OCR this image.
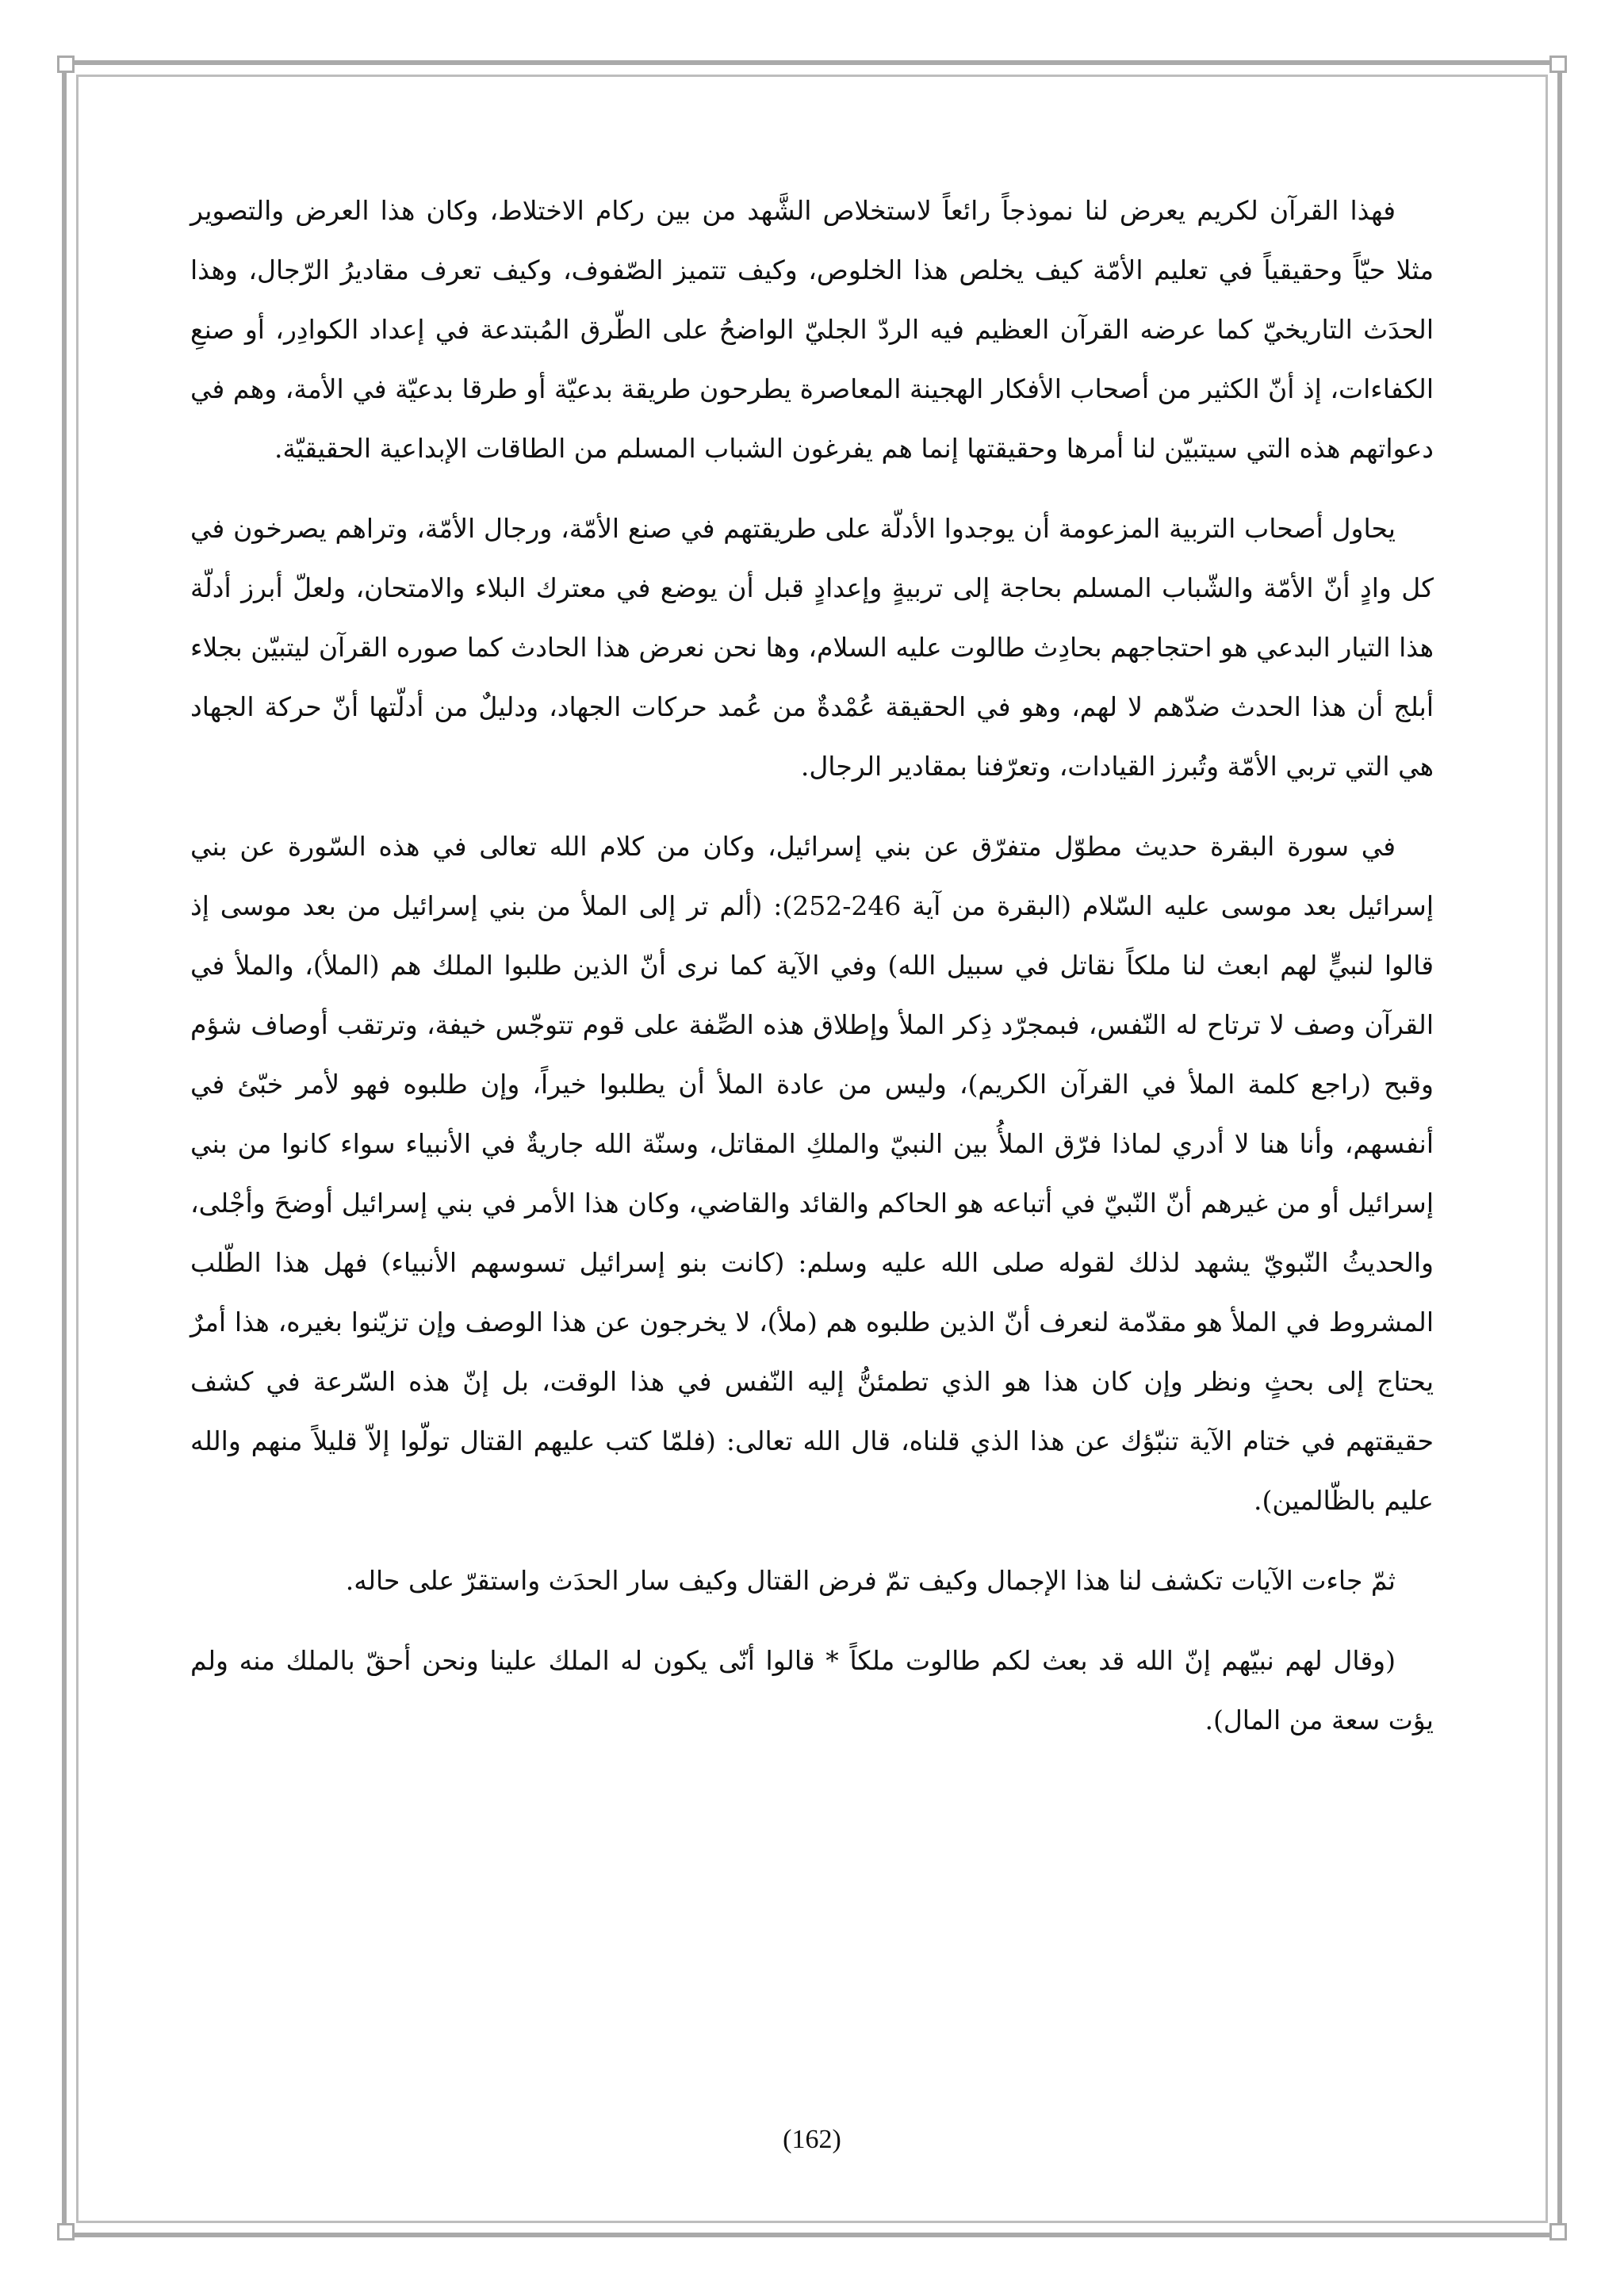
فهذا القرآن لكريم يعرض لنا نموذجاً رائعاً لاستخلاص الشَّهد من بين ركام الاختلاط، وكان هذا العرض والتصوير مثلا حيّاً وحقيقياً في تعليم الأمّة كيف يخلص هذا الخلوص، وكيف تتميز الصّفوف، وكيف تعرف مقاديرُ الرّجال، وهذا الحدَث التاريخيّ كما عرضه القرآن العظيم فيه الردّ الجليّ الواضحُ على الطّرق المُبتدعة في إعداد الكوادِر، أو صنعِ الكفاءات، إذ أنّ الكثير من أصحاب الأفكار الهجينة المعاصرة يطرحون طريقة بدعيّة أو طرقا بدعيّة في الأمة، وهم في دعواتهم هذه التي سيتبيّن لنا أمرها وحقيقتها إنما هم يفرغون الشباب المسلم من الطاقات الإبداعية الحقيقيّة.

يحاول أصحاب التربية المزعومة أن يوجدوا الأدلّة على طريقتهم في صنع الأمّة، ورجال الأمّة، وتراهم يصرخون في كل وادٍ أنّ الأمّة والشّباب المسلم بحاجة إلى تربيةٍ وإعدادٍ قبل أن يوضع في معترك البلاء والامتحان، ولعلّ أبرز أدلّة هذا التيار البدعي هو احتجاجهم بحادِث طالوت عليه السلام، وها نحن نعرض هذا الحادث كما صوره القرآن ليتبيّن بجلاء أبلج أن هذا الحدث ضدّهم لا لهم، وهو في الحقيقة عُمْدةٌ من عُمد حركات الجهاد، ودليلٌ من أدلّتها أنّ حركة الجهاد هي التي تربي الأمّة وتُبرز القيادات، وتعرّفنا بمقادير الرجال.

في سورة البقرة حديث مطوّل متفرّق عن بني إسرائيل، وكان من كلام الله تعالى في هذه السّورة عن بني إسرائيل بعد موسى عليه السّلام (البقرة من آية 246-252): (ألم تر إلى الملأ من بني إسرائيل من بعد موسى إذ قالوا لنبيٍّ لهم ابعث لنا ملكاً نقاتل في سبيل الله) وفي الآية كما نرى أنّ الذين طلبوا الملك هم (الملأ)، والملأ في القرآن وصف لا ترتاح له النّفس، فبمجرّد ذِكر الملأ وإطلاق هذه الصِّفة على قوم تتوجّس خيفة، وترتقب أوصاف شؤم وقبح (راجع كلمة الملأ في القرآن الكريم)، وليس من عادة الملأ أن يطلبوا خيراً، وإن طلبوه فهو لأمر خبّئ في أنفسهم، وأنا هنا لا أدري لماذا فرّق الملأُ بين النبيّ والملكِ المقاتل، وسنّة الله جاريةٌ في الأنبياء سواء كانوا من بني إسرائيل أو من غيرهم أنّ النّبيّ في أتباعه هو الحاكم والقائد والقاضي، وكان هذا الأمر في بني إسرائيل أوضحَ وأجْلى، والحديثُ النّبويّ يشهد لذلك لقوله صلى الله عليه وسلم: (كانت بنو إسرائيل تسوسهم الأنبياء) فهل هذا الطّلب المشروط في الملأ هو مقدّمة لنعرف أنّ الذين طلبوه هم (ملأ)، لا يخرجون عن هذا الوصف وإن تزيّنوا بغيره، هذا أمرٌ يحتاج إلى بحثٍ ونظر وإن كان هذا هو الذي تطمئنُّ إليه النّفس في هذا الوقت، بل إنّ هذه السّرعة في كشف حقيقتهم في ختام الآية تنبّؤك عن هذا الذي قلناه، قال الله تعالى: (فلمّا كتب عليهم القتال تولّوا إلاّ قليلاً منهم والله عليم بالظّالمين).

ثمّ جاءت الآيات تكشف لنا هذا الإجمال وكيف تمّ فرض القتال وكيف سار الحدَث واستقرّ على حاله.

(وقال لهم نبيّهم إنّ الله قد بعث لكم طالوت ملكاً * قالوا أنّى يكون له الملك علينا ونحن أحقّ بالملك منه ولم يؤت سعة من المال).

(162)
